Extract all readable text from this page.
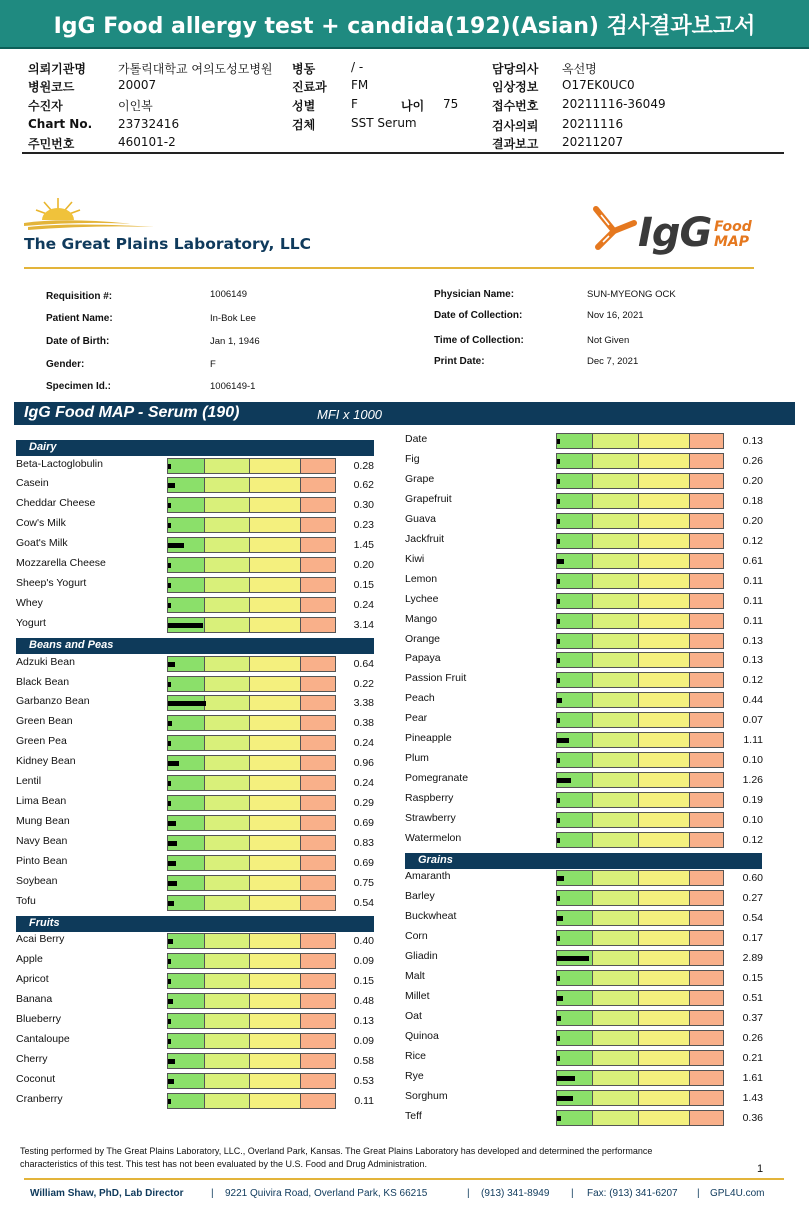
IgG Food allergy test + candida(192)(Asian) 검사결과보고서
The Great Plains Laboratory, LLC	IgG Food
MAP
IgG Food MAP - Serum (190)	MFI x 1000
Testing performed by The Great Plains Laboratory, LLC., Overland Park, Kansas. The Great Plains Laboratory has developed and determined the performance
characteristics of this test. This test has not been evaluated by the U.S. Food and Drug Administration.	1
William Shaw, PhD, Lab Director	| 9221 Quivira Road, Overland Park, KS 66215	| (913) 341-8949 | Fax: (913) 341-6207 | GPL4U.com
의뢰기관명	가톨릭대학교 여의도성모병원
병원코드	20007
수진자	이인복
Chart No. 23732416
주민번호	460101-2
병동	/ -
진료과 FM
성별	F
검체	SST Serum
나이 75
담당의사 옥선명
임상정보 O17EK0UC0
접수번호 20211116-36049
검사의뢰 20211116
결과보고 20211207
Requisition #:	1006149
Patient Name:	In-Bok Lee
Date of Birth:	Jan 1, 1946
Gender:	F
Specimen Id.:	1006149-1
Physician Name:	SUN-MYEONG OCK
Date of Collection:	Nov 16, 2021
Time of Collection:	Not Given
Print Date:	Dec 7, 2021
Dairy
Beta-Lactoglobulin	0.28
Casein	0.62
Cheddar Cheese	0.30
Cow's Milk	0.23
Goat's Milk	1.45
Mozzarella Cheese	0.20
Sheep's Yogurt	0.15
Whey	0.24
Yogurt	3.14
Beans and Peas
Adzuki Bean	0.64
Black Bean	0.22
Garbanzo Bean	3.38
Green Bean	0.38
Green Pea	0.24
Kidney Bean	0.96
Lentil	0.24
Lima Bean	0.29
Mung Bean	0.69
Navy Bean	0.83
Pinto Bean	0.69
Soybean	0.75
Tofu	0.54
Fruits
Acai Berry	0.40
Apple	0.09
Apricot	0.15
Banana	0.48
Blueberry	0.13
Cantaloupe	0.09
Cherry	0.58
Coconut	0.53
Cranberry	0.11
Date	0.13
Fig	0.26
Grape	0.20
Grapefruit	0.18
Guava	0.20
Jackfruit	0.12
Kiwi	0.61
Lemon	0.11
Lychee	0.11
Mango	0.11
Orange	0.13
Papaya	0.13
Passion Fruit	0.12
Peach	0.44
Pear	0.07
Pineapple	1.11
Plum	0.10
Pomegranate	1.26
Raspberry	0.19
Strawberry	0.10
Watermelon	0.12
Grains
Amaranth	0.60
Barley	0.27
Buckwheat	0.54
Corn	0.17
Gliadin	2.89
Malt	0.15
Millet	0.51
Oat	0.37
Quinoa	0.26
Rice	0.21
Rye	1.61
Sorghum	1.43
Teff	0.36
